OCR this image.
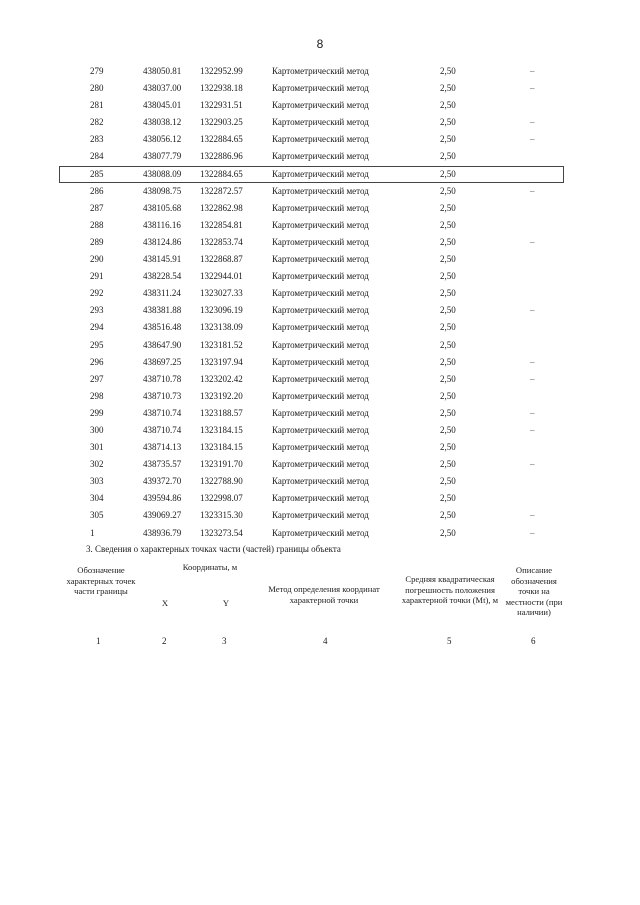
8
279	438050.81 1322952.99	Картометрический метод	2,50	–
280	438037.00 1322938.18	Картометрический метод	2,50	–
281	438045.01 1322931.51	Картометрический метод	2,50
282	438038.12 1322903.25	Картометрический метод	2,50	–
283	438056.12 1322884.65	Картометрический метод	2,50	–
284	438077.79 1322886.96	Картометрический метод	2,50
285	438088.09 1322884.65	Картометрический метод	2,50
286	438098.75 1322872.57	Картометрический метод	2,50	–
287	438105.68 1322862.98	Картометрический метод	2,50
288	438116.16 1322854.81	Картометрический метод	2,50
289	438124.86 1322853.74	Картометрический метод	2,50	–
290	438145.91 1322868.87	Картометрический метод	2,50
291	438228.54 1322944.01	Картометрический метод	2,50
292	438311.24 1323027.33	Картометрический метод	2,50
293	438381.88 1323096.19	Картометрический метод	2,50	–
294	438516.48 1323138.09	Картометрический метод	2,50
295	438647.90 1323181.52	Картометрический метод	2,50
296	438697.25 1323197.94	Картометрический метод	2,50	–
297	438710.78 1323202.42	Картометрический метод	2,50	–
298	438710.73 1323192.20	Картометрический метод	2,50
299	438710.74 1323188.57	Картометрический метод	2,50	–
300	438710.74 1323184.15	Картометрический метод	2,50	–
301	438714.13 1323184.15	Картометрический метод	2,50
302	438735.57 1323191.70	Картометрический метод	2,50	–
303	439372.70 1322788.90	Картометрический метод	2,50
304	439594.86 1322998.07	Картометрический метод	2,50
305	439069.27 1323315.30	Картометрический метод	2,50	–
1	438936.79 1323273.54	Картометрический метод	2,50	–
3. Сведения о характерных точках части (частей) границы объекта
Обозначение характерных точек части границы
Координаты, м
X	Y
Метод определения координат характерной точки
Средняя квадратическая погрешность положения характерной точки (Mt), м
Описание обозначения точки на местности (при наличии)
1	2	3	4	5	6
